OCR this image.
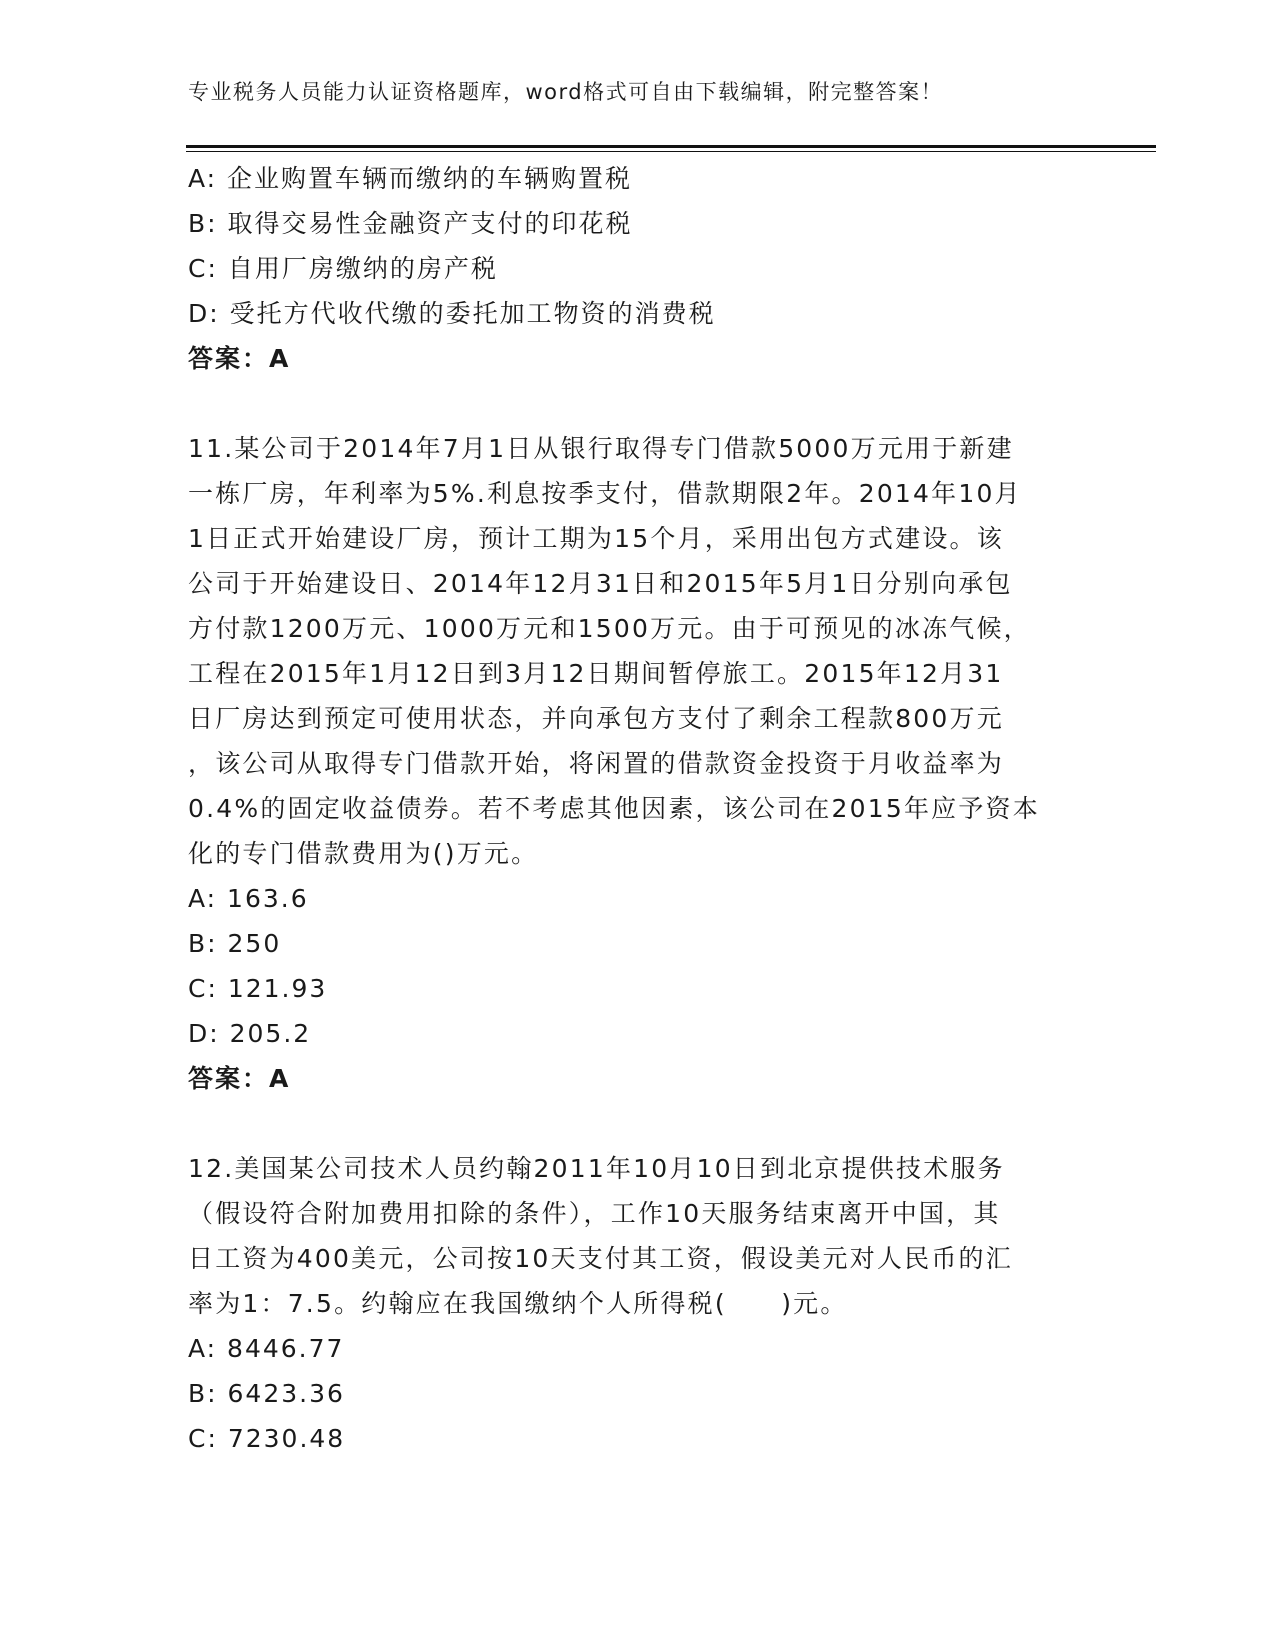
专业税务人员能力认证资格题库，word格式可自由下载编辑，附完整答案！
A: 企业购置车辆而缴纳的车辆购置税
B: 取得交易性金融资产支付的印花税
C: 自用厂房缴纳的房产税
D: 受托方代收代缴的委托加工物资的消费税
答案：A
11.某公司于2014年7月1日从银行取得专门借款5000万元用于新建
一栋厂房，年利率为5%.利息按季支付，借款期限2年。2014年10月
1日正式开始建设厂房，预计工期为15个月，采用出包方式建设。该
公司于开始建设日、2014年12月31日和2015年5月1日分别向承包
方付款1200万元、1000万元和1500万元。由于可预见的冰冻气候，
工程在2015年1月12日到3月12日期间暂停旅工。2015年12月31
日厂房达到预定可使用状态，并向承包方支付了剩余工程款800万元
，该公司从取得专门借款开始，将闲置的借款资金投资于月收益率为
0.4%的固定收益债券。若不考虑其他因素，该公司在2015年应予资本
化的专门借款费用为()万元。
A: 163.6
B: 250
C: 121.93
D: 205.2
答案：A
12.美国某公司技术人员约翰2011年10月10日到北京提供技术服务
（假设符合附加费用扣除的条件），工作10天服务结束离开中国，其
日工资为400美元，公司按10天支付其工资，假设美元对人民币的汇
率为1：7.5。约翰应在我国缴纳个人所得税(　　)元。
A: 8446.77
B: 6423.36
C: 7230.48
